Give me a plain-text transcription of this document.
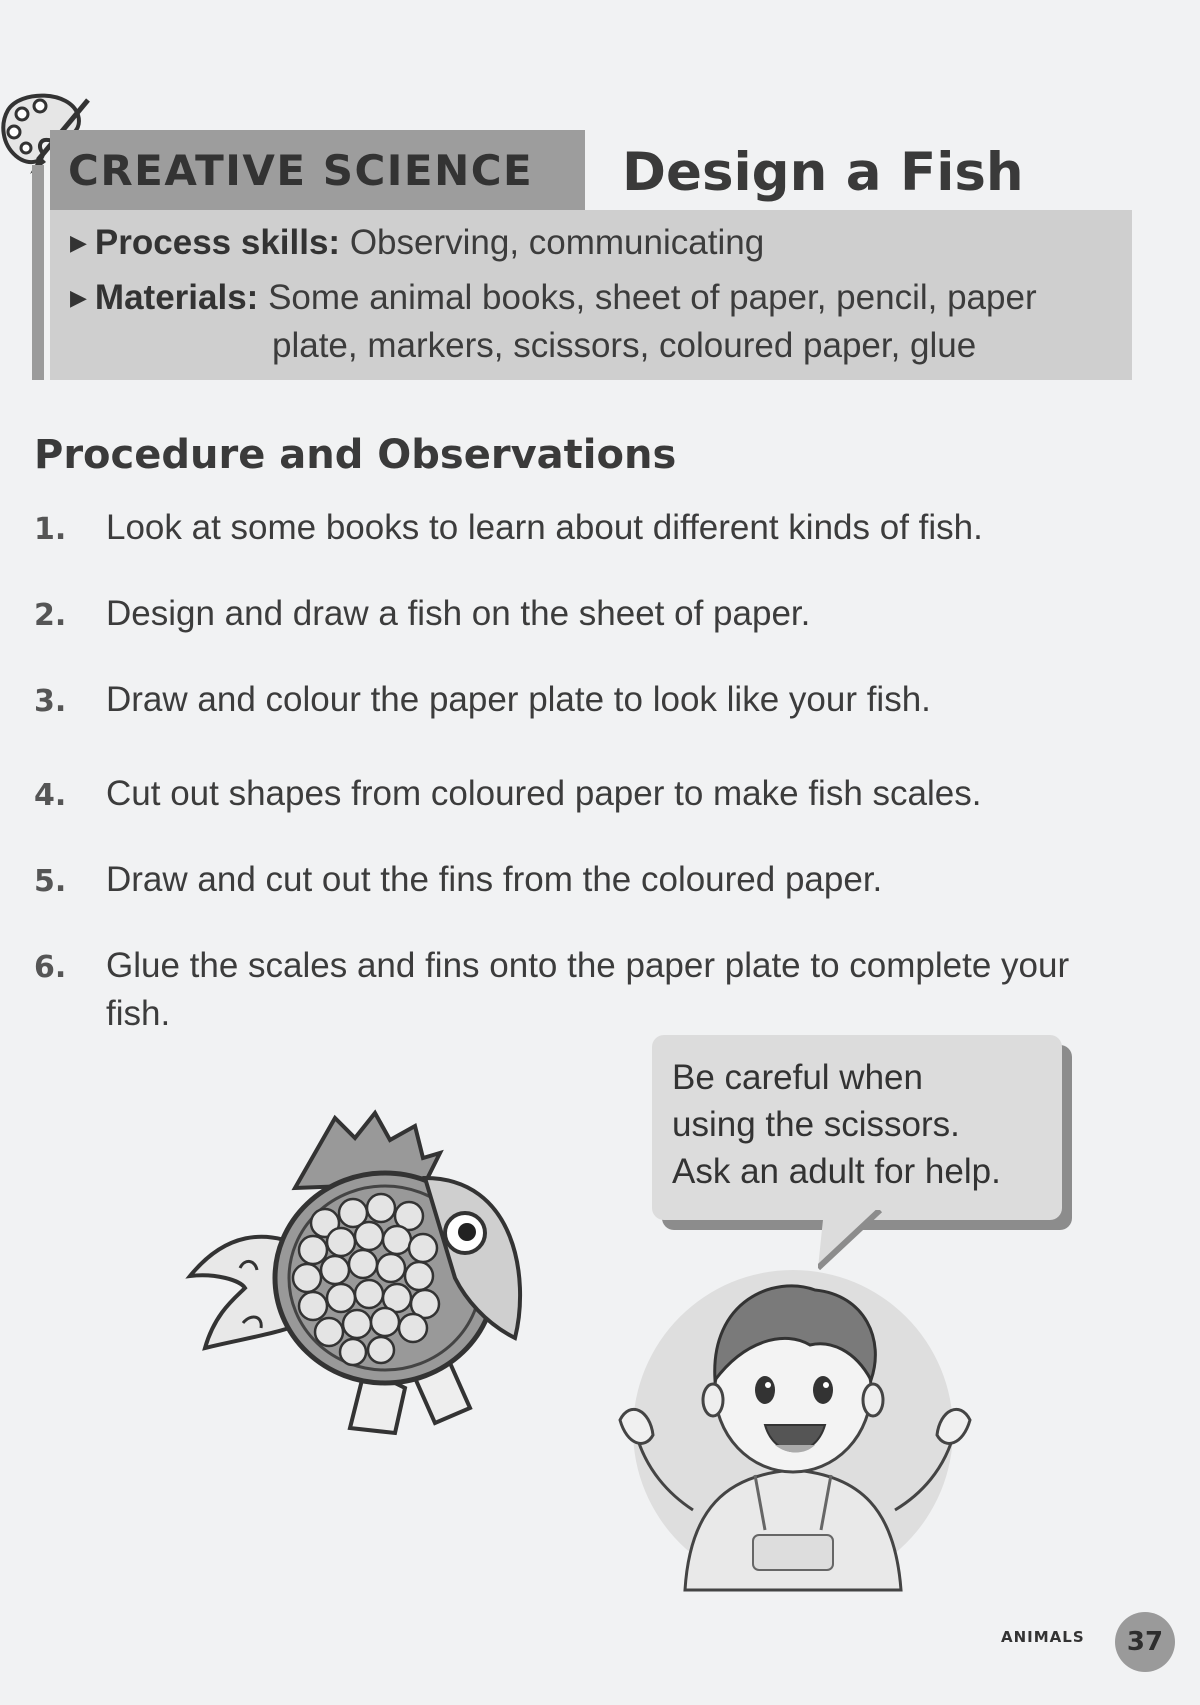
CREATIVE SCIENCE	Design a Fish
▶ Process skills: Observing, communicating
▶ Materials: Some animal books, sheet of paper, pencil, paper
plate, markers, scissors, coloured paper, glue
Procedure and Observations
1.	Look at some books to learn about different kinds of fish.
2.	Design and draw a fish on the sheet of paper.
3.	Draw and colour the paper plate to look like your fish.
4.	Cut out shapes from coloured paper to make fish scales.
5.	Draw and cut out the fins from the coloured paper.
6.	Glue the scales and fins onto the paper plate to complete your fish.
Be careful when
using the scissors.
Ask an adult for help.
ANIMALS	37
